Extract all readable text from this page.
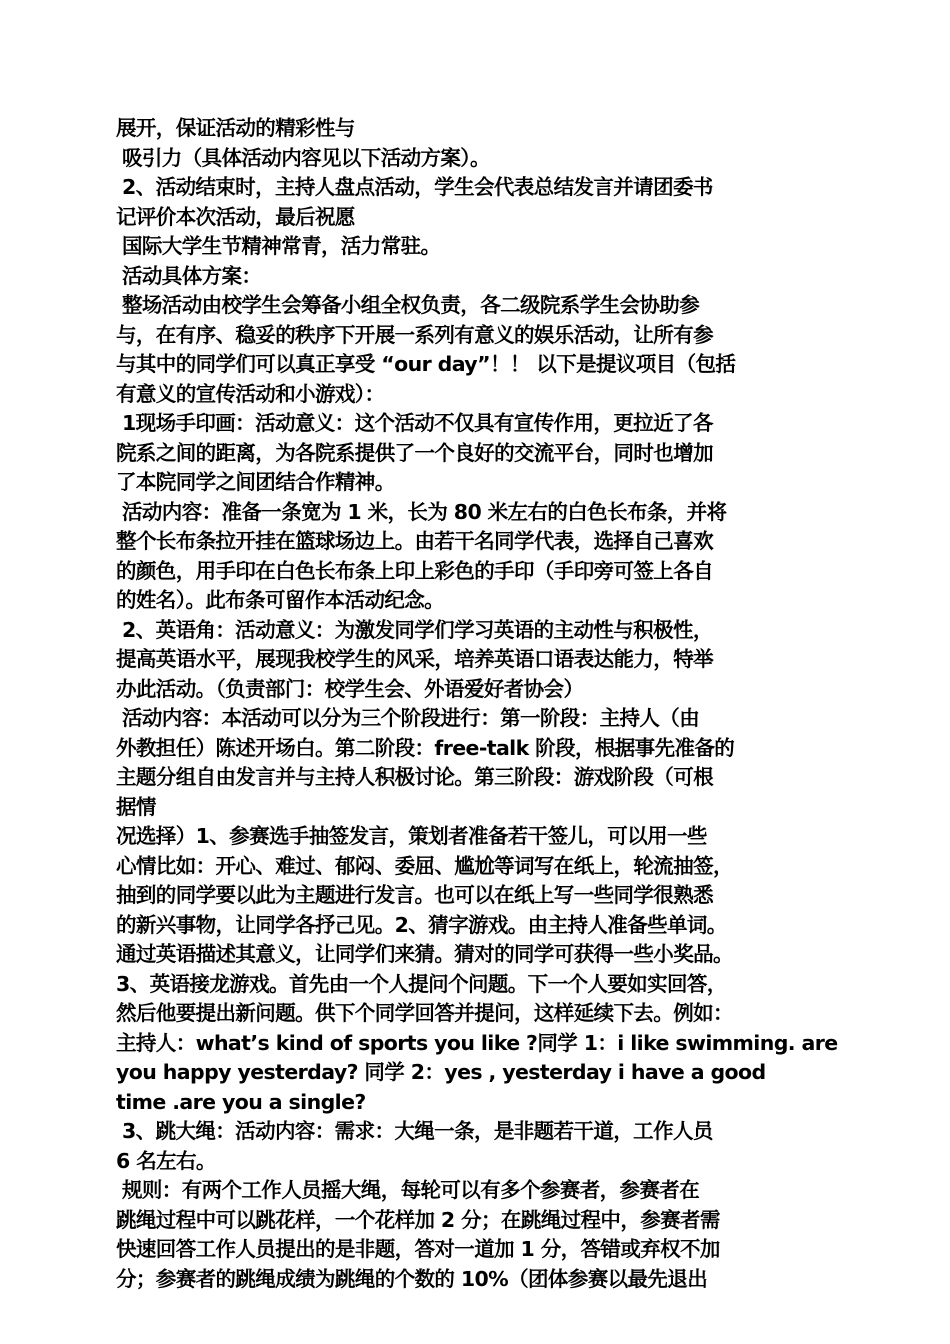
展开，保证活动的精彩性与
吸引力（具体活动内容见以下活动方案）。
2、活动结束时，主持人盘点活动，学生会代表总结发言并请团委书
记评价本次活动，最后祝愿
国际大学生节精神常青，活力常驻。
活动具体方案：
整场活动由校学生会筹备小组全权负责，各二级院系学生会协助参
与，在有序、稳妥的秩序下开展一系列有意义的娱乐活动，让所有参
与其中的同学们可以真正享受 “our day”！！ 以下是提议项目（包括
有意义的宣传活动和小游戏）：
1现场手印画：活动意义：这个活动不仅具有宣传作用，更拉近了各
院系之间的距离，为各院系提供了一个良好的交流平台，同时也增加
了本院同学之间团结合作精神。
活动内容：准备一条宽为 1 米，长为 80 米左右的白色长布条，并将
整个长布条拉开挂在篮球场边上。由若干名同学代表，选择自己喜欢
的颜色，用手印在白色长布条上印上彩色的手印（手印旁可签上各自
的姓名）。此布条可留作本活动纪念。
2、英语角：活动意义：为激发同学们学习英语的主动性与积极性，
提高英语水平，展现我校学生的风采，培养英语口语表达能力，特举
办此活动。（负责部门：校学生会、外语爱好者协会）
活动内容：本活动可以分为三个阶段进行：第一阶段：主持人（由
外教担任）陈述开场白。第二阶段：free-talk 阶段，根据事先准备的
主题分组自由发言并与主持人积极讨论。第三阶段：游戏阶段（可根
据情
况选择）1、参赛选手抽签发言，策划者准备若干签儿，可以用一些
心情比如：开心、难过、郁闷、委屈、尴尬等词写在纸上，轮流抽签，
抽到的同学要以此为主题进行发言。也可以在纸上写一些同学很熟悉
的新兴事物，让同学各抒己见。2、猜字游戏。由主持人准备些单词。
通过英语描述其意义，让同学们来猜。猜对的同学可获得一些小奖品。
3、英语接龙游戏。首先由一个人提问个问题。下一个人要如实回答，
然后他要提出新问题。供下个同学回答并提问，这样延续下去。例如：
主持人：what’s kind of sports you like ?同学 1：i like swimming. are
you happy yesterday? 同学 2：yes , yesterday i have a good
time .are you a single?
3、跳大绳：活动内容：需求：大绳一条，是非题若干道，工作人员
6 名左右。
规则：有两个工作人员摇大绳，每轮可以有多个参赛者，参赛者在
跳绳过程中可以跳花样，一个花样加 2 分；在跳绳过程中，参赛者需
快速回答工作人员提出的是非题，答对一道加 1 分，答错或弃权不加
分；参赛者的跳绳成绩为跳绳的个数的 10%（团体参赛以最先退出
